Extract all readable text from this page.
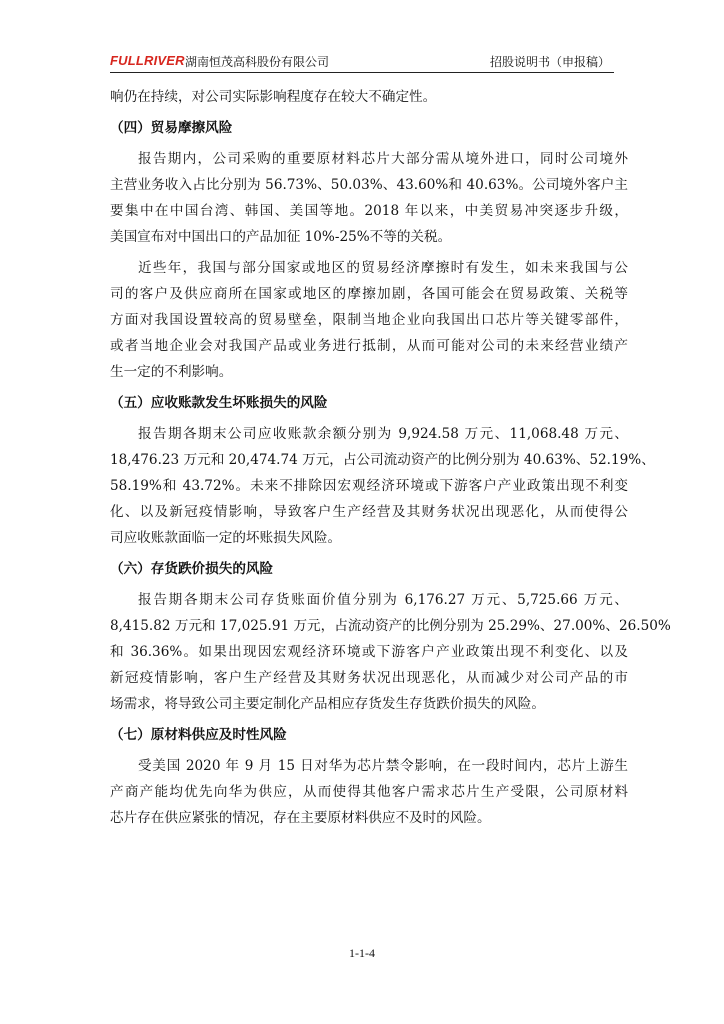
FULLRIVER 湖南恒茂高科股份有限公司	招股说明书（申报稿）

响仍在持续，对公司实际影响程度存在较大不确定性。

（四）贸易摩擦风险

报告期内，公司采购的重要原材料芯片大部分需从境外进口，同时公司境外

主营业务收入占比分别为 56.73%、50.03%、43.60%和 40.63%。公司境外客户主

要集中在中国台湾、韩国、美国等地。2018 年以来，中美贸易冲突逐步升级，

美国宣布对中国出口的产品加征 10%-25%不等的关税。

近些年，我国与部分国家或地区的贸易经济摩擦时有发生，如未来我国与公

司的客户及供应商所在国家或地区的摩擦加剧，各国可能会在贸易政策、关税等

方面对我国设置较高的贸易壁垒，限制当地企业向我国出口芯片等关键零部件，

或者当地企业会对我国产品或业务进行抵制，从而可能对公司的未来经营业绩产

生一定的不利影响。

（五）应收账款发生坏账损失的风险

报告期各期末公司应收账款余额分别为 9,924.58 万元、11,068.48 万元、

18,476.23 万元和 20,474.74 万元，占公司流动资产的比例分别为 40.63%、52.19%、

58.19%和 43.72%。未来不排除因宏观经济环境或下游客户产业政策出现不利变

化、以及新冠疫情影响，导致客户生产经营及其财务状况出现恶化，从而使得公

司应收账款面临一定的坏账损失风险。

（六）存货跌价损失的风险

报告期各期末公司存货账面价值分别为 6,176.27 万元、5,725.66 万元、

8,415.82 万元和 17,025.91 万元，占流动资产的比例分别为 25.29%、27.00%、26.50%

和 36.36%。如果出现因宏观经济环境或下游客户产业政策出现不利变化、以及

新冠疫情影响，客户生产经营及其财务状况出现恶化，从而减少对公司产品的市

场需求，将导致公司主要定制化产品相应存货发生存货跌价损失的风险。

（七）原材料供应及时性风险

受美国 2020 年 9 月 15 日对华为芯片禁令影响，在一段时间内，芯片上游生

产商产能均优先向华为供应，从而使得其他客户需求芯片生产受限，公司原材料

芯片存在供应紧张的情况，存在主要原材料供应不及时的风险。

1-1-4
